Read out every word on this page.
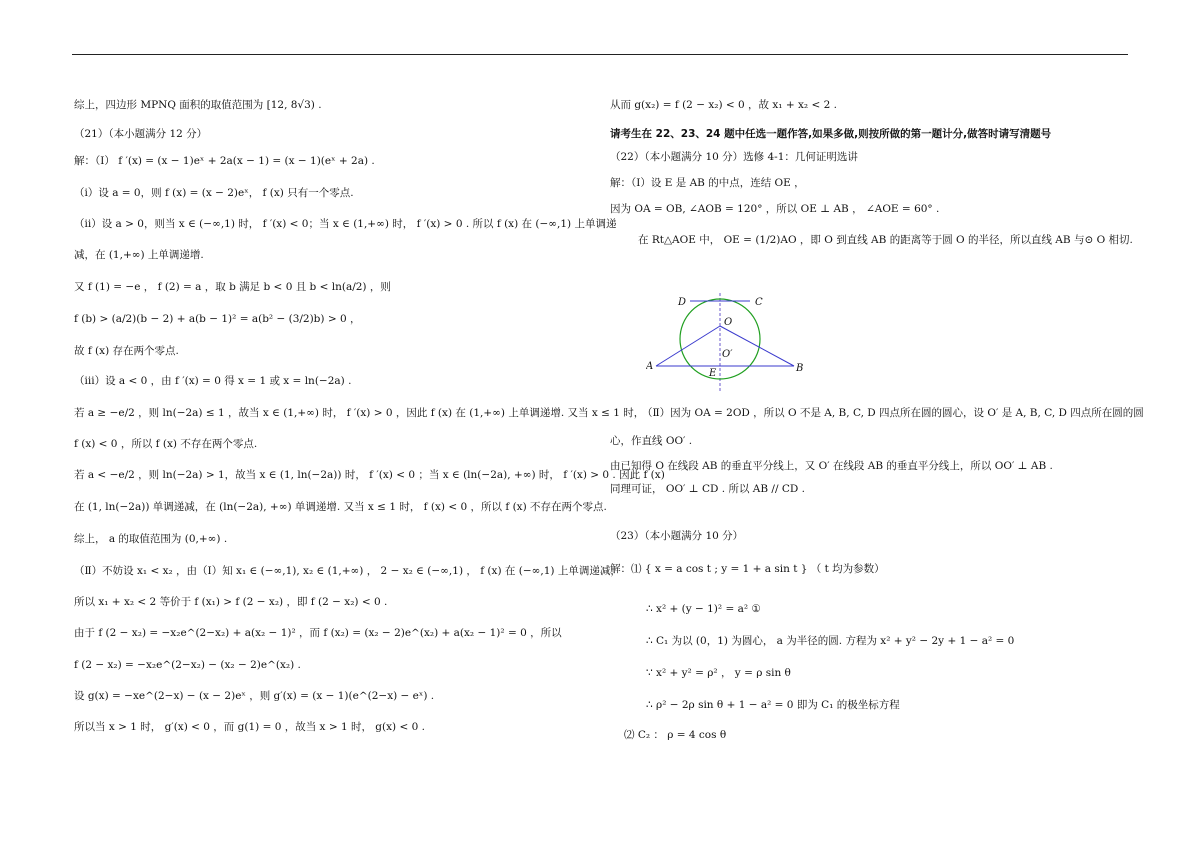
综上，四边形 MPNQ 面积的取值范围为 [12, 8√3) .
（21）（本小题满分 12 分）
解：（Ⅰ） f ′(x) = (x − 1)eˣ + 2a(x − 1) = (x − 1)(eˣ + 2a) .
（i）设 a = 0，则 f (x) = (x − 2)eˣ， f (x) 只有一个零点.
（ii）设 a > 0，则当 x ∈ (−∞,1) 时， f ′(x) < 0；当 x ∈ (1,+∞) 时， f ′(x) > 0 . 所以 f (x) 在 (−∞,1) 上单调递
减，在 (1,+∞) 上单调递增.
又 f (1) = −e ， f (2) = a ，取 b 满足 b < 0 且 b < ln(a/2) ，则
f (b) > (a/2)(b − 2) + a(b − 1)² = a(b² − (3/2)b) > 0 ，
故 f (x) 存在两个零点.
（iii）设 a < 0 ，由 f ′(x) = 0 得 x = 1 或 x = ln(−2a) .
若 a ≥ −e/2 ，则 ln(−2a) ≤ 1 ，故当 x ∈ (1,+∞) 时， f ′(x) > 0 ，因此 f (x) 在 (1,+∞) 上单调递增. 又当 x ≤ 1 时，
f (x) < 0 ，所以 f (x) 不存在两个零点.
若 a < −e/2 ，则 ln(−2a) > 1，故当 x ∈ (1, ln(−2a)) 时， f ′(x) < 0 ；当 x ∈ (ln(−2a), +∞) 时， f ′(x) > 0 . 因此 f (x)
在 (1, ln(−2a)) 单调递减，在 (ln(−2a), +∞) 单调递增. 又当 x ≤ 1 时， f (x) < 0 ，所以 f (x) 不存在两个零点.
综上， a 的取值范围为 (0,+∞) .
（Ⅱ）不妨设 x₁ < x₂ ，由（Ⅰ）知 x₁ ∈ (−∞,1), x₂ ∈ (1,+∞) ， 2 − x₂ ∈ (−∞,1) ， f (x) 在 (−∞,1) 上单调递减，
所以 x₁ + x₂ < 2 等价于 f (x₁) > f (2 − x₂) ，即 f (2 − x₂) < 0 .
由于 f (2 − x₂) = −x₂e^(2−x₂) + a(x₂ − 1)² ，而 f (x₂) = (x₂ − 2)e^(x₂) + a(x₂ − 1)² = 0 ，所以
f (2 − x₂) = −x₂e^(2−x₂) − (x₂ − 2)e^(x₂) .
设 g(x) = −xe^(2−x) − (x − 2)eˣ ，则 g′(x) = (x − 1)(e^(2−x) − eˣ) .
所以当 x > 1 时， g′(x) < 0 ，而 g(1) = 0 ，故当 x > 1 时， g(x) < 0 .
从而 g(x₂) = f (2 − x₂) < 0 ，故 x₁ + x₂ < 2 .
请考生在 22、23、24 题中任选一题作答,如果多做,则按所做的第一题计分,做答时请写清题号
（22）（本小题满分 10 分）选修 4-1：几何证明选讲
解：（Ⅰ）设 E 是 AB 的中点，连结 OE ，
因为 OA = OB, ∠AOB = 120° ，所以 OE ⊥ AB ， ∠AOE = 60° .
在 Rt△AOE 中， OE = (1/2)AO ，即 O 到直线 AB 的距离等于圆 O 的半径，所以直线 AB 与⊙ O 相切.
D	C
O
O′
A
E	B
（Ⅱ）因为 OA = 2OD ，所以 O 不是 A, B, C, D 四点所在圆的圆心，设 O′ 是 A, B, C, D 四点所在圆的圆
心，作直线 OO′ .
由已知得 O 在线段 AB 的垂直平分线上，又 O′ 在线段 AB 的垂直平分线上，所以 OO′ ⊥ AB .
同理可证， OO′ ⊥ CD . 所以 AB // CD .
（23）（本小题满分 10 分）
解：⑴ { x = a cos t ; y = 1 + a sin t } （ t 均为参数）
∴ x² + (y − 1)² = a² ①
∴ C₁ 为以 (0，1) 为圆心， a 为半径的圆. 方程为 x² + y² − 2y + 1 − a² = 0
∵ x² + y² = ρ² ， y = ρ sin θ
∴ ρ² − 2ρ sin θ + 1 − a² = 0 即为 C₁ 的极坐标方程
⑵ C₂ ： ρ = 4 cos θ
